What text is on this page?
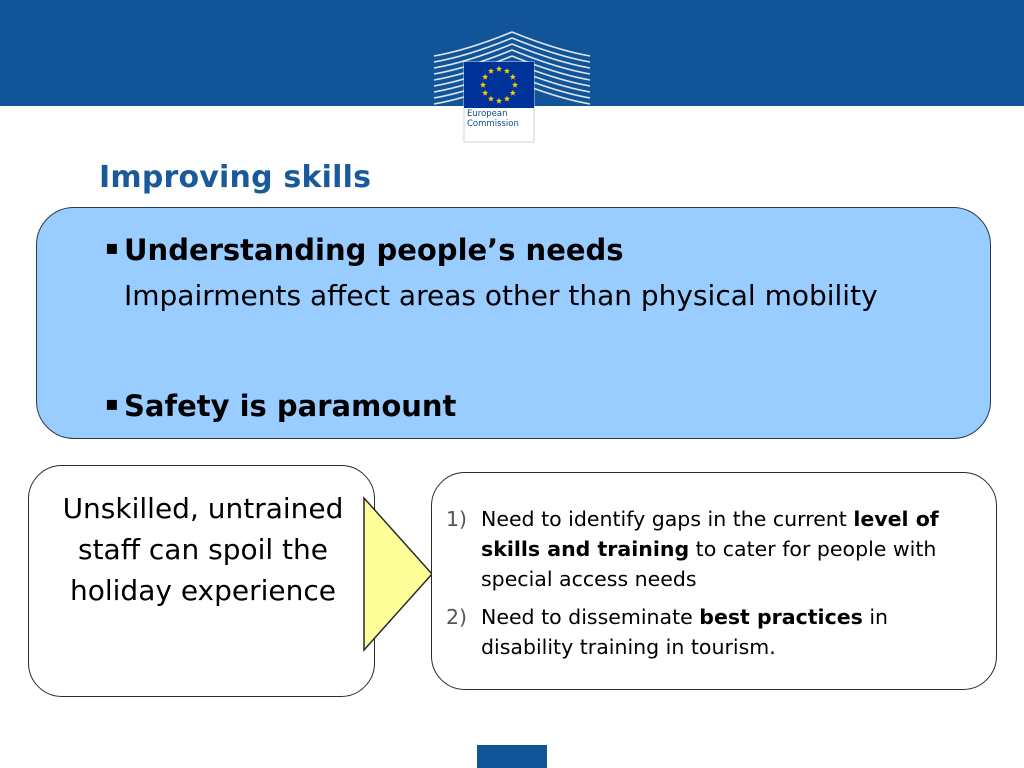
European
Commission
Improving skills
▪ Understanding people’s needs
Impairments affect areas other than physical mobility
▪ Safety is paramount
Unskilled, untrained staff can spoil the holiday experience
1) Need to identify gaps in the current level of skills and training to cater for people with special access needs
2) Need to disseminate best practices in disability training in tourism.
